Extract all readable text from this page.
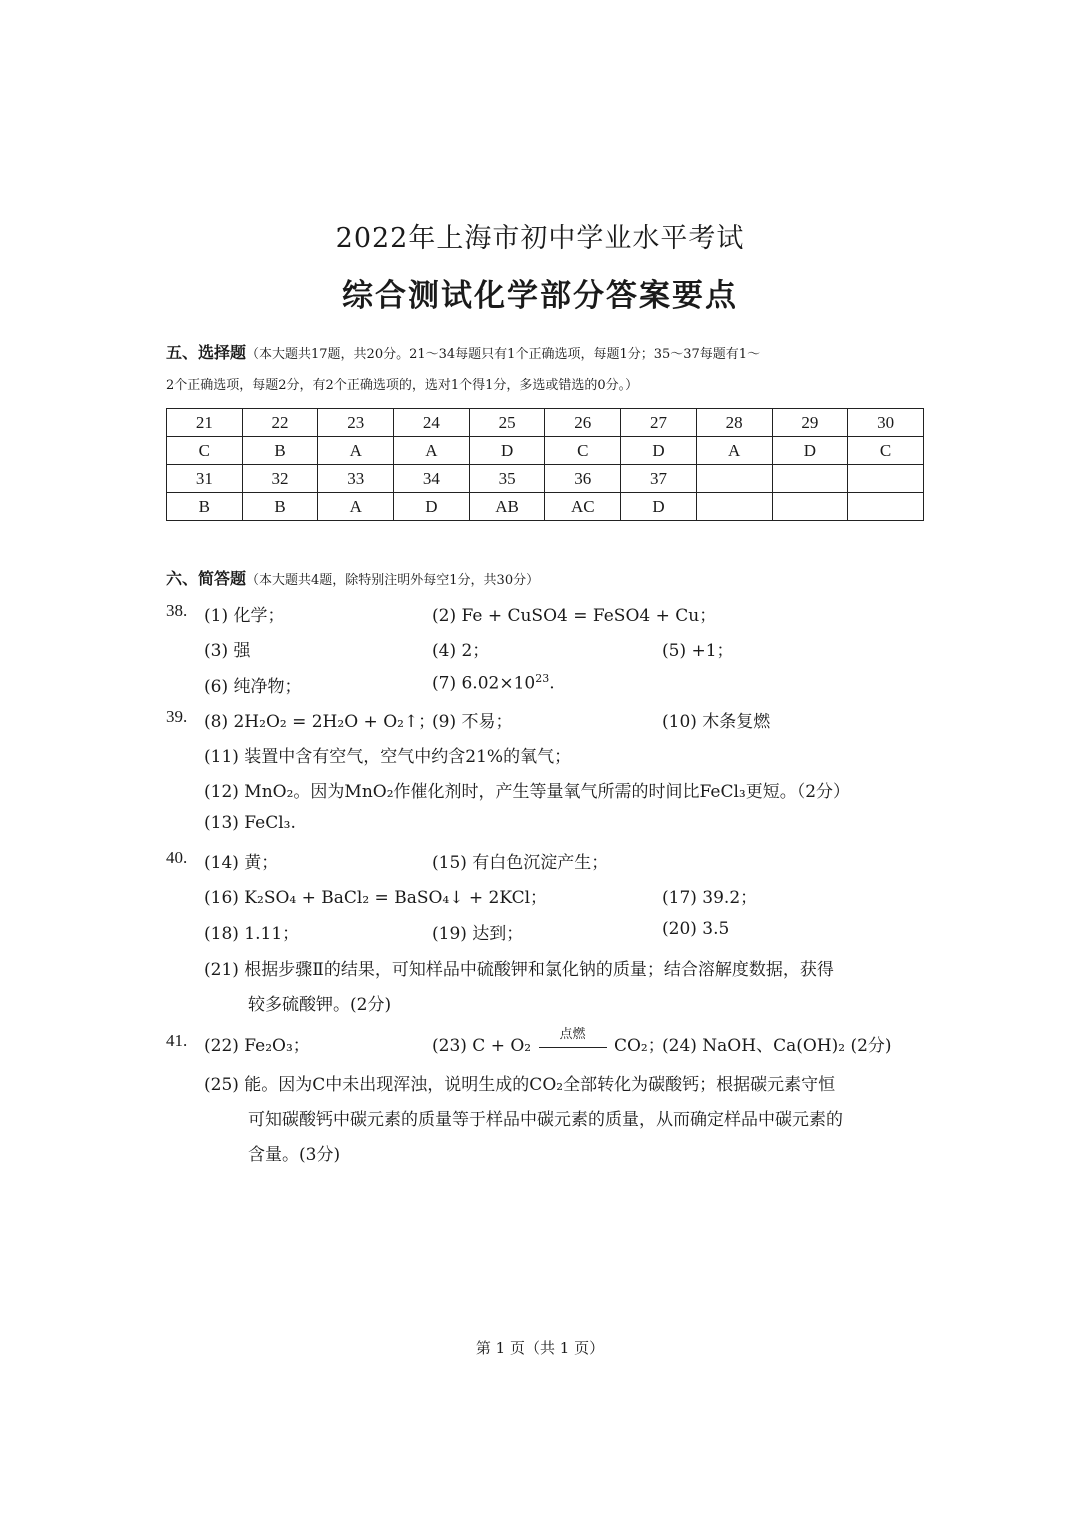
2022年上海市初中学业水平考试
综合测试化学部分答案要点
五、选择题（本大题共17题，共20分。21～34每题只有1个正确选项，每题1分；35～37每题有1～
2个正确选项，每题2分，有2个正确选项的，选对1个得1分，多选或错选的0分。）
21	22	23	24	25	26	27	28	29	30
C	B	A	A	D	C	D	A	D	C
31	32	33	34	35	36	37			
B	B	A	D	AB	AC	D			
六、简答题（本大题共4题，除特别注明外每空1分，共30分）
38. (1) 化学；	(2) Fe + CuSO4 = FeSO4 + Cu；
(3) 强	(4) 2；	(5) +1；
(6) 纯净物；	(7) $6.02\times 10^{23}$.
39. (8) 2H₂O₂ = 2H₂O + O₂↑；
(9) 不易；	(10) 木条复燃
(11) 装置中含有空气，空气中约含21%的氧气；
(12) MnO₂。因为MnO₂作催化剂时，产生等量氧气所需的时间比FeCl₃更短。（2分）
(13) FeCl₃.
40. (14) 黄；	(15) 有白色沉淀产生；
(16) K₂SO₄ + BaCl₂ = BaSO₄↓ + 2KCl；	(17) 39.2；
(18) 1.11；	(19) 达到；	(20) 3.5
(21) 根据步骤Ⅱ的结果，可知样品中硫酸钾和氯化钠的质量；结合溶解度数据，获得
较多硫酸钾。(2分)
41. (22) Fe₂O₃；	(23) C + O₂
点燃
CO₂；
(24) NaOH、Ca(OH)₂ (2分)
(25) 能。因为C中未出现浑浊，说明生成的CO₂全部转化为碳酸钙；根据碳元素守恒
可知碳酸钙中碳元素的质量等于样品中碳元素的质量，从而确定样品中碳元素的
含量。(3分)
第 1 页（共 1 页）
